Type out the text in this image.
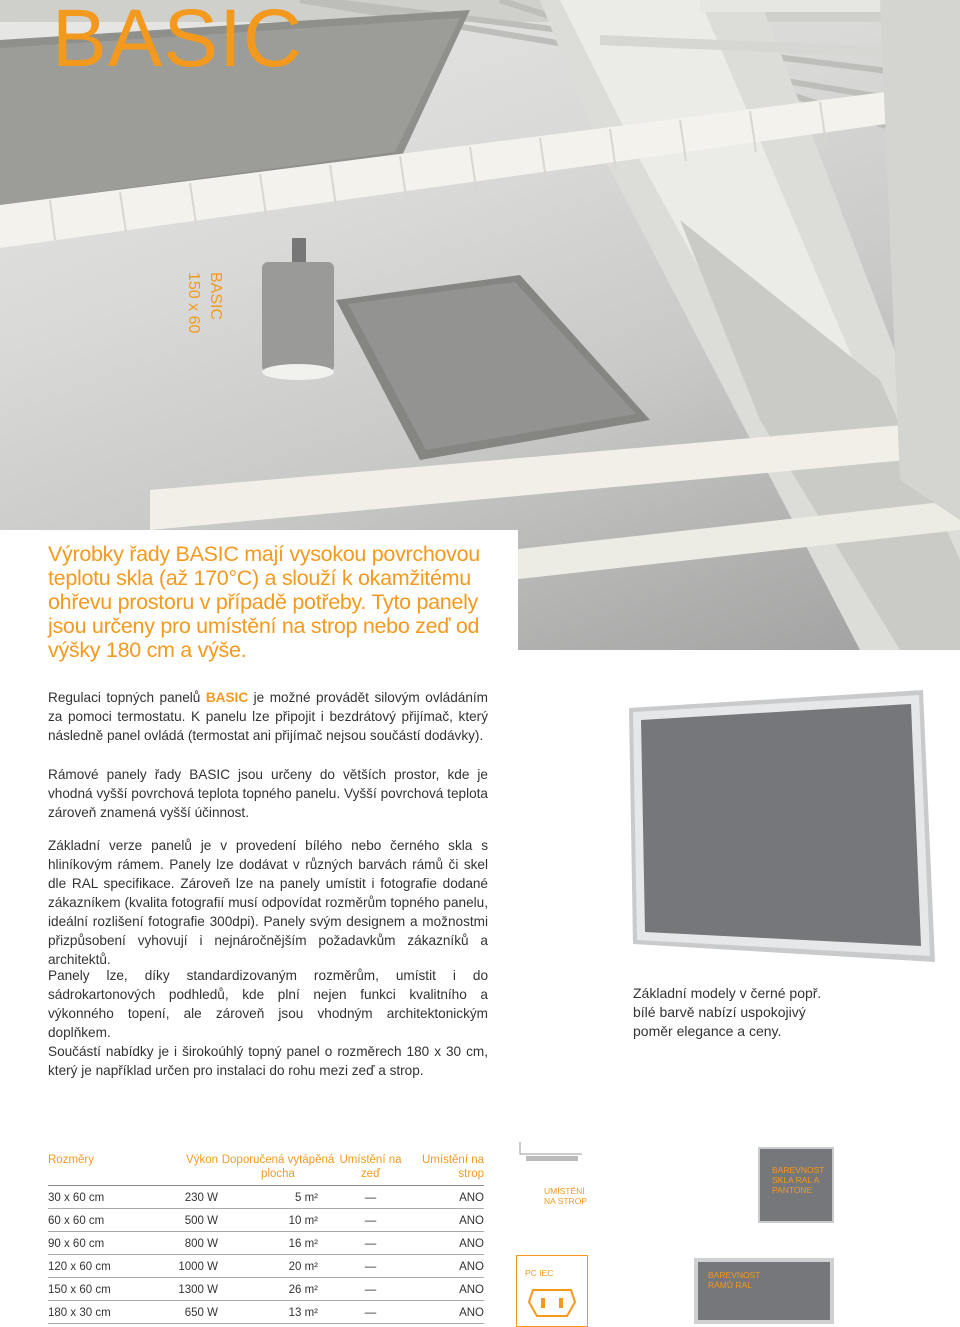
BASIC
BASIC
150 x 60
Výrobky řady BASIC mají vysokou povrchovou teplotu skla (až 170°C) a slouží k okamžitému ohřevu prostoru v případě potřeby. Tyto panely jsou určeny pro umístění na strop nebo zeď od výšky 180 cm a výše.
Regulaci topných panelů BASIC je možné provádět silovým ovládáním za pomoci termostatu. K panelu lze připojit i bezdrátový přijímač, který následně panel ovládá (termostat ani přijímač nejsou součástí dodávky).
Rámové panely řady BASIC jsou určeny do větších prostor, kde je vhodná vyšší povrchová teplota topného panelu. Vyšší povrchová teplota zároveň znamená vyšší účinnost.
Základní verze panelů je v provedení bílého nebo černého skla s hliníkovým rámem. Panely lze dodávat v různých barvách rámů či skel dle RAL specifikace. Zároveň lze na panely umístit i fotografie dodané zákazníkem (kvalita fotografií musí odpovídat rozměrům topného panelu, ideální rozlišení fotografie 300dpi). Panely svým designem a možnostmi přizpůsobení vyhovují i nejnáročnějším požadavkům zákazníků a architektů.
Panely lze, díky standardizovaným rozměrům, umístit i do sádrokartonových podhledů, kde plní nejen funkci kvalitního a výkonného topení, ale zároveň jsou vhodným architektonickým doplňkem.
Součástí nabídky je i širokoúhlý topný panel o rozměrech 180 x 30 cm, který je například určen pro instalaci do rohu mezi zeď a strop.
Základní modely v černé popř. bílé barvě nabízí uspokojivý poměr elegance a ceny.
Rozměry	Výkon	Doporučená vytápěná plocha	Umístění na zeď	Umístění na strop
30 x 60 cm	230 W	5 m²	—	ANO
60 x 60 cm	500 W	10 m²	—	ANO
90 x 60 cm	800 W	16 m²	—	ANO
120 x 60 cm	1000 W	20 m²	—	ANO
150 x 60 cm	1300 W	26 m²	—	ANO
180 x 30 cm	650 W	13 m²	—	ANO
UMÍSTĚNÍ NA STROP
BAREVNOST SKLA RAL A PANTONE
PC IEC	BAREVNOST RÁMŮ RAL
